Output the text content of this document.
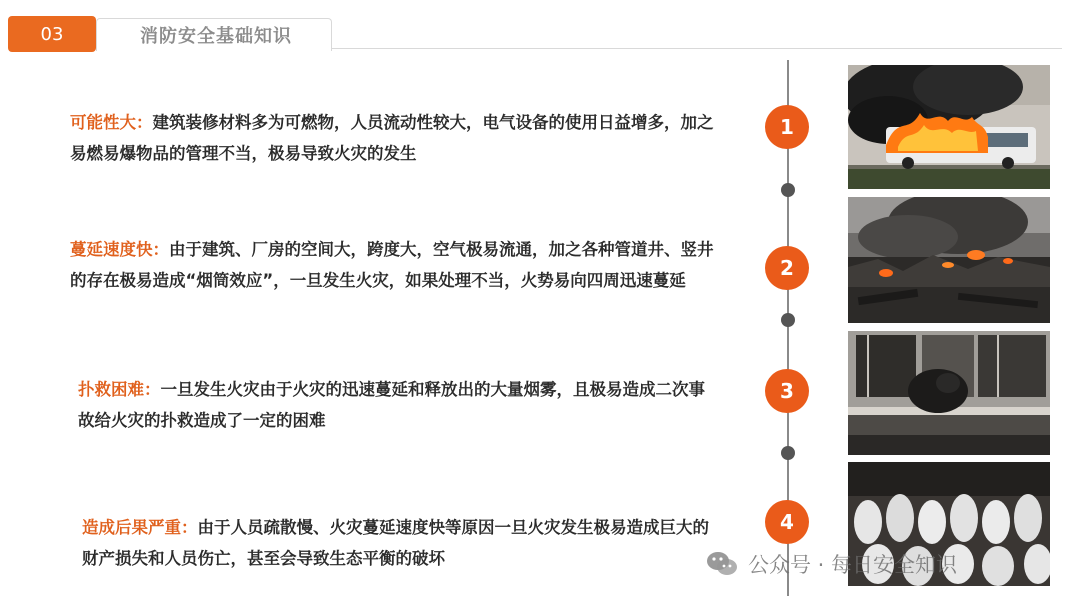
03	消防安全基础知识
可能性大：建筑装修材料多为可燃物，人员流动性较大，电气设备的使用日益增多，加之易燃易爆物品的管理不当，极易导致火灾的发生
蔓延速度快：由于建筑、厂房的空间大，跨度大，空气极易流通，加之各种管道井、竖井的存在极易造成“烟筒效应”，一旦发生火灾，如果处理不当，火势易向四周迅速蔓延
扑救困难：一旦发生火灾由于火灾的迅速蔓延和释放出的大量烟雾，且极易造成二次事故给火灾的扑救造成了一定的困难
造成后果严重：由于人员疏散慢、火灾蔓延速度快等原因一旦火灾发生极易造成巨大的财产损失和人员伤亡，甚至会导致生态平衡的破坏
1
2
3
4
公众号 · 每日安全知识
